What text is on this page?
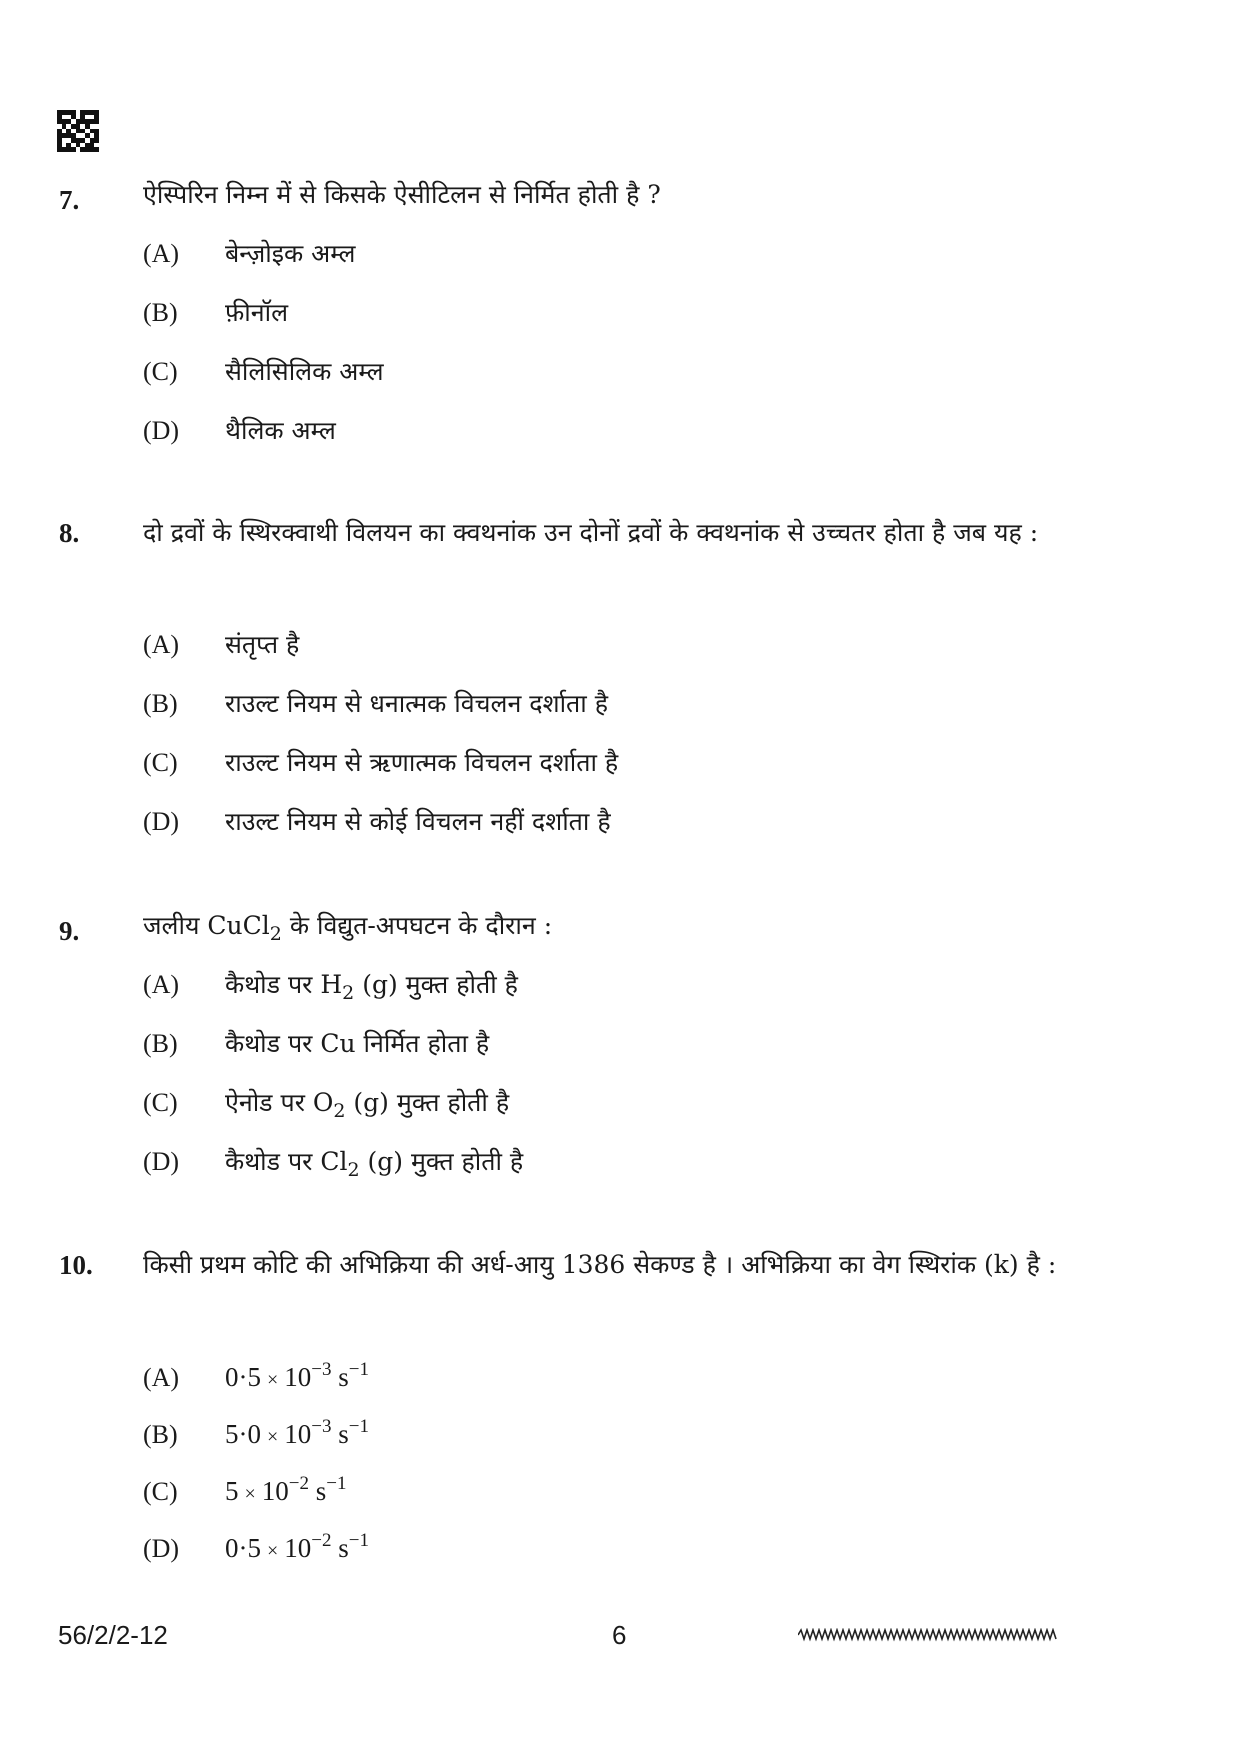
7.	ऐस्पिरिन निम्न में से किसके ऐसीटिलन से निर्मित होती है ?
(A) बेन्ज़ोइक अम्ल
(B) फ़ीनॉल
(C) सैलिसिलिक अम्ल
(D) थैलिक अम्ल
8.	दो द्रवों के स्थिरक्वाथी विलयन का क्वथनांक उन दोनों द्रवों के क्वथनांक से उच्चतर होता है जब यह :
(A) संतृप्त है
(B) राउल्ट नियम से धनात्मक विचलन दर्शाता है
(C) राउल्ट नियम से ऋणात्मक विचलन दर्शाता है
(D) राउल्ट नियम से कोई विचलन नहीं दर्शाता है
9.	जलीय CuCl$_2$ के विद्युत-अपघटन के दौरान :
(A) कैथोड पर $H_2$ (g) मुक्त होती है
(B) कैथोड पर Cu निर्मित होता है
(C) ऐनोड पर $O_2$ (g) मुक्त होती है
(D) कैथोड पर $Cl_2$ (g) मुक्त होती है
10. किसी प्रथम कोटि की अभिक्रिया की अर्ध-आयु 1386 सेकण्ड है । अभिक्रिया का वेग स्थिरांक (k) है :
(A) $0\cdot 5 \times 10^{-3}$ $s^{-1}$
(B) $5\cdot 0 \times 10^{-3}$ $s^{-1}$
(C) $5 \times 10^{-2}$ $s^{-1}$
(D) $0\cdot 5 \times 10^{-2}$ $s^{-1}$
56/2/2-12	6
